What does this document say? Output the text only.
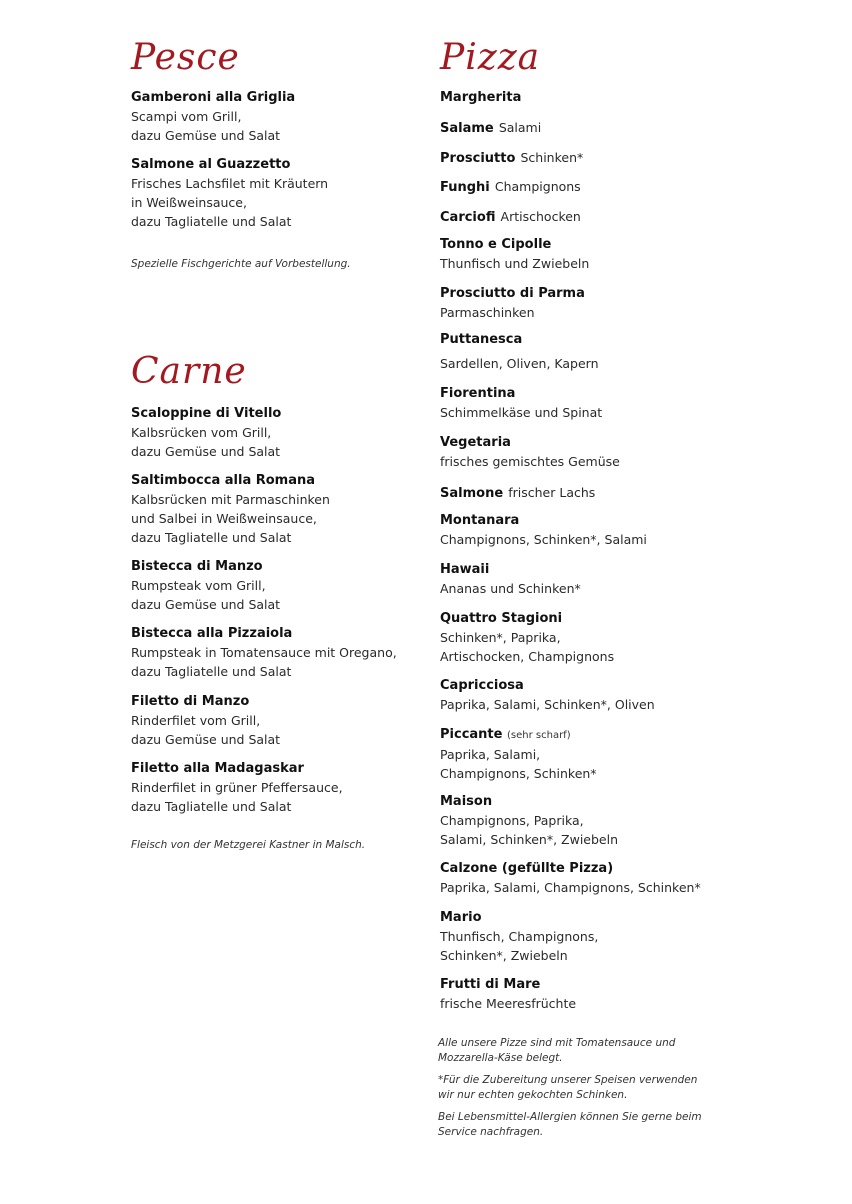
Pesce
Gamberoni alla Griglia
Scampi vom Grill,
dazu Gemüse und Salat
Salmone al Guazzetto
Frisches Lachsfilet mit Kräutern
in Weißweinsauce,
dazu Tagliatelle und Salat
Spezielle Fischgerichte auf Vorbestellung.
Carne
Scaloppine di Vitello
Kalbsrücken vom Grill,
dazu Gemüse und Salat
Saltimbocca alla Romana
Kalbsrücken mit Parmaschinken
und Salbei in Weißweinsauce,
dazu Tagliatelle und Salat
Bistecca di Manzo
Rumpsteak vom Grill,
dazu Gemüse und Salat
Bistecca alla Pizzaiola
Rumpsteak in Tomatensauce mit Oregano,
dazu Tagliatelle und Salat
Filetto di Manzo
Rinderfilet vom Grill,
dazu Gemüse und Salat
Filetto alla Madagaskar
Rinderfilet in grüner Pfeffersauce,
dazu Tagliatelle und Salat
Fleisch von der Metzgerei Kastner in Malsch.
Pizza
Margherita
Salame Salami
Prosciutto Schinken*
Funghi Champignons
Carciofi Artischocken
Tonno e Cipolle
Thunfisch und Zwiebeln
Prosciutto di Parma
Parmaschinken
Puttanesca
Sardellen, Oliven, Kapern
Fiorentina
Schimmelkäse und Spinat
Vegetaria
frisches gemischtes Gemüse
Salmone frischer Lachs
Montanara
Champignons, Schinken*, Salami
Hawaii
Ananas und Schinken*
Quattro Stagioni
Schinken*, Paprika,
Artischocken, Champignons
Capricciosa
Paprika, Salami, Schinken*, Oliven
Piccante (sehr scharf)
Paprika, Salami,
Champignons, Schinken*
Maison
Champignons, Paprika,
Salami, Schinken*, Zwiebeln
Calzone (gefüllte Pizza)
Paprika, Salami, Champignons, Schinken*
Mario
Thunfisch, Champignons,
Schinken*, Zwiebeln
Frutti di Mare
frische Meeresfrüchte
Alle unsere Pizze sind mit Tomatensauce und
Mozzarella-Käse belegt.
*Für die Zubereitung unserer Speisen verwenden
wir nur echten gekochten Schinken.
Bei Lebensmittel-Allergien können Sie gerne beim
Service nachfragen.
